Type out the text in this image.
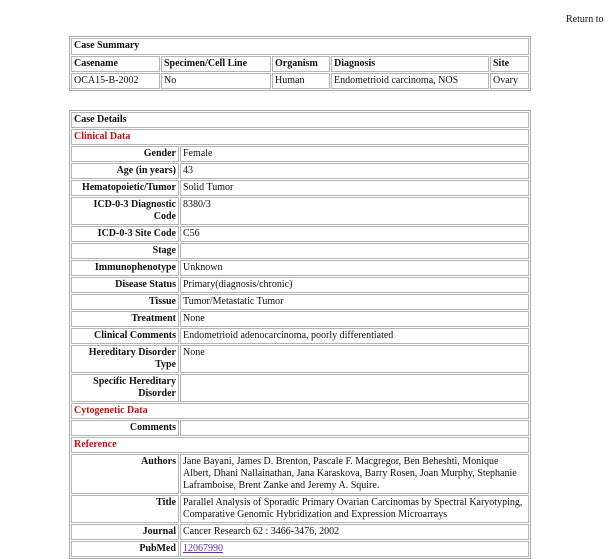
Return to
Case Summary				
Casename	Specimen/Cell Line	Organism	Diagnosis	Site
OCA15-B-2002	No	Human	Endometrioid carcinoma, NOS	Ovary
Case Details	
Clinical Data	
Gender	Female
Age (in years)	43
Hematopoietic/Tumor	Solid Tumor
ICD-0-3 Diagnostic Code	8380/3
ICD-0-3 Site Code	C56
Stage	
Immunophenotype	Unknown
Disease Status	Primary(diagnosis/chronic)
Tissue	Tumor/Metastatic Tumor
Treatment	None
Clinical Comments	Endometrioid adenocarcinoma, poorly differentiated
Hereditary Disorder Type	None
Specific Hereditary Disorder	
Cytogenetic Data	
Comments	
Reference	
Authors	Jane Bayani, James D. Brenton, Pascale F. Macgregor, Ben Beheshti, Monique Albert, Dhani Nallainathan, Jana Karaskova, Barry Rosen, Joan Murphy, Stephanie Laframboise, Brent Zanke and Jeremy A. Squire.
Title	Parallel Analysis of Sporadic Primary Ovarian Carcinomas by Spectral Karyotyping, Comparative Genomic Hybridization and Expression Microarrays
Journal	Cancer Research 62 : 3466-3476, 2002
PubMed	12067990
